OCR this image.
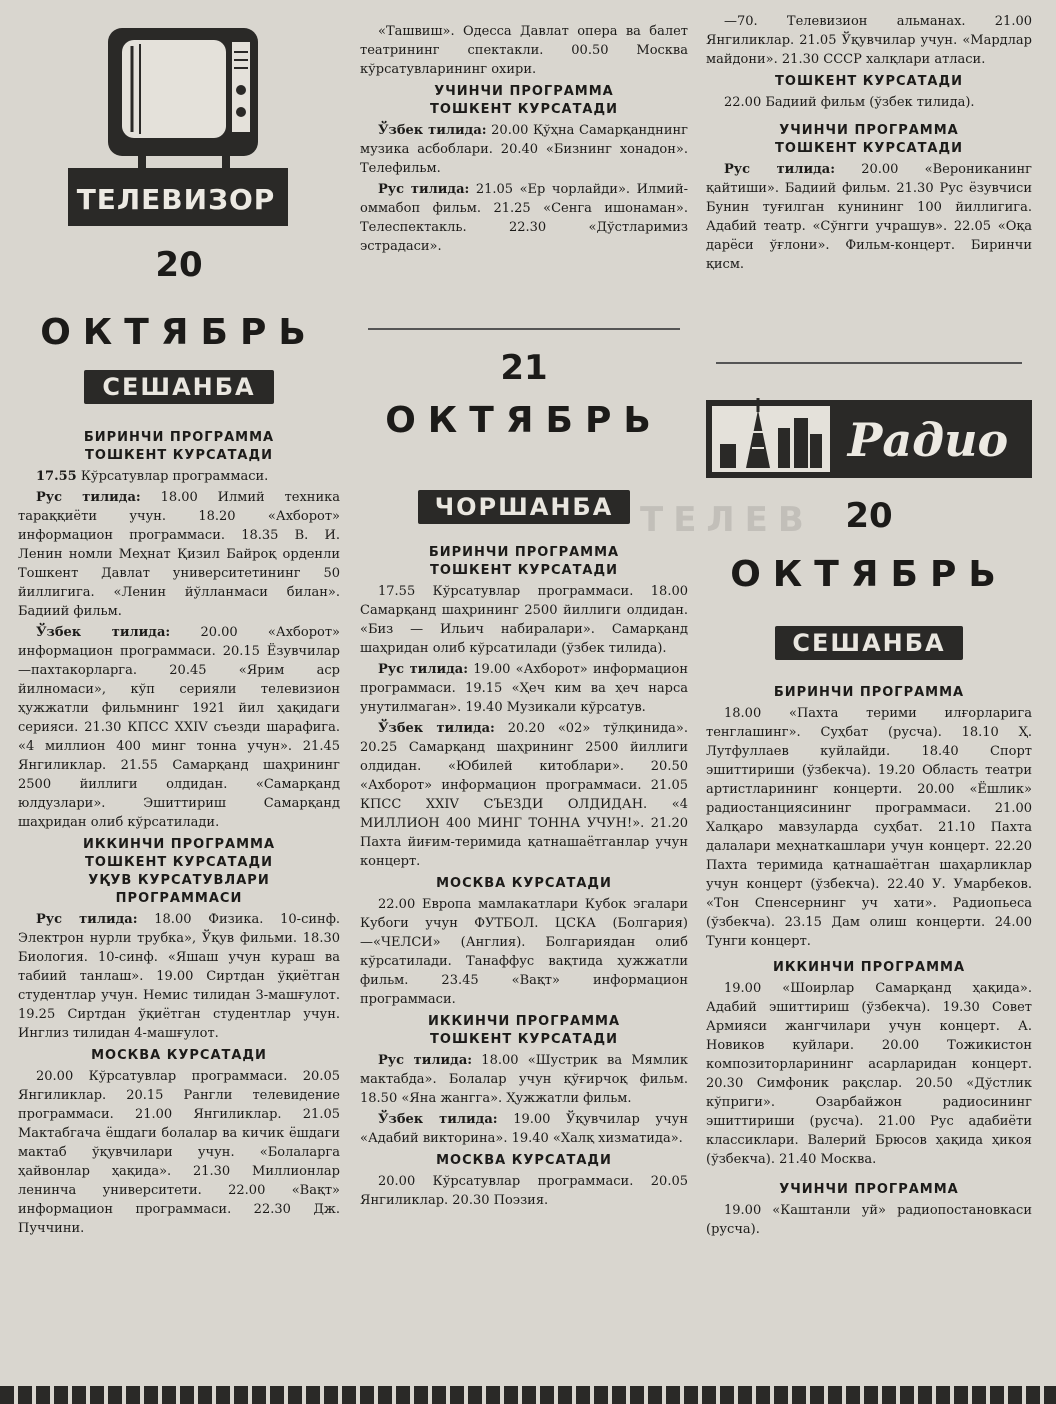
ТЕЛЕВ
ТЕЛЕВИЗОР
20
ОКТЯБРЬ
СЕШАНБА
БИРИНЧИ ПРОГРАММА
ТОШКЕНТ КУРСАТАДИ

17.55 Кўрсатувлар программаси.

Рус тилида: 18.00 Илмий техника тараққиёти учун. 18.20 «Ахборот» информацион программаси. 18.35 В. И. Ленин номли Меҳнат Қизил Байроқ орденли Тошкент Давлат университетининг 50 йиллигига. «Ленин йўлланмаси билан». Бадиий фильм.

Ўзбек тилида: 20.00 «Ахборот» информацион программаси. 20.15 Ёзувчилар —пахтакорларга. 20.45 «Ярим аср йилномаси», кўп серияли телевизион ҳужжатли фильмнинг 1921 йил ҳақидаги серияси. 21.30 КПСС XXIV съезди шарафига. «4 миллион 400 минг тонна учун». 21.45 Янгиликлар. 21.55 Самарқанд шаҳрининг 2500 йиллиги олдидан. «Самарқанд юлдузлари». Эшиттириш Самарқанд шаҳридан олиб кўрсатилади.

ИККИНЧИ ПРОГРАММА
ТОШКЕНТ КУРСАТАДИ
УҚУВ КУРСАТУВЛАРИ
ПРОГРАММАСИ

Рус тилида: 18.00 Физика. 10-синф. Электрон нурли трубка», Ўқув фильми. 18.30 Биология. 10-синф. «Яшаш учун кураш ва табиий танлаш». 19.00 Сиртдан ўқиётган студентлар учун. Немис тилидан 3-машғулот. 19.25 Сиртдан ўқиётган студентлар учун. Инглиз тилидан 4-машғулот.

МОСКВА КУРСАТАДИ

20.00 Кўрсатувлар программаси. 20.05 Янгиликлар. 20.15 Рангли телевидение программаси. 21.00 Янгиликлар. 21.05 Мактабгача ёшдаги болалар ва кичик ёшдаги мактаб ўқувчилари учун. «Болаларга ҳайвонлар ҳақида». 21.30 Миллионлар ленинча университети. 22.00 «Вақт» информацион программаси. 22.30 Дж. Пуччини.

«Ташвиш». Одесса Давлат опера ва балет театрининг спектакли. 00.50 Москва кўрсатувларининг охири.

УЧИНЧИ ПРОГРАММА
ТОШКЕНТ КУРСАТАДИ

Ўзбек тилида: 20.00 Қўҳна Самарқанднинг музика асбоблари. 20.40 «Бизнинг хонадон». Телефильм.

Рус тилида: 21.05 «Ер чорлайди». Илмий-оммабоп фильм. 21.25 «Сенга ишонаман». Телеспектакль. 22.30 «Дўстларимиз эстрадаси».

21
ОКТЯБРЬ
ЧОРШАНБА
БИРИНЧИ ПРОГРАММА
ТОШКЕНТ КУРСАТАДИ

17.55 Кўрсатувлар программаси. 18.00 Самарқанд шаҳрининг 2500 йиллиги олдидан. «Биз — Ильич набиралари». Самарқанд шаҳридан олиб кўрсатилади (ўзбек тилида).

Рус тилида: 19.00 «Ахборот» информацион программаси. 19.15 «Ҳеч ким ва ҳеч нарса унутилмаган». 19.40 Музикали кўрсатув.

Ўзбек тилида: 20.20 «02» тўлқинида». 20.25 Самарқанд шаҳрининг 2500 йиллиги олдидан. «Юбилей китоблари». 20.50 «Ахборот» информацион программаси. 21.05 КПСС XXIV СЪЕЗДИ ОЛДИДАН. «4 МИЛЛИОН 400 МИНГ ТОННА УЧУН!». 21.20 Пахта йиғим-теримида қатнашаётганлар учун концерт.

МОСКВА КУРСАТАДИ

22.00 Европа мамлакатлари Кубок эгалари Кубоги учун ФУТБОЛ. ЦСКА (Болгария)—«ЧЕЛСИ» (Англия). Болгариядан олиб кўрсатилади. Танаффус вақтида ҳужжатли фильм. 23.45 «Вақт» информацион программаси.

ИККИНЧИ ПРОГРАММА
ТОШКЕНТ КУРСАТАДИ

Рус тилида: 18.00 «Шустрик ва Мямлик мактабда». Болалар учун қўғирчоқ фильм. 18.50 «Яна жангга». Ҳужжатли фильм.

Ўзбек тилида: 19.00 Ўқувчилар учун «Адабий викторина». 19.40 «Халқ хизматида».

МОСКВА КУРСАТАДИ

20.00 Кўрсатувлар программаси. 20.05 Янгиликлар. 20.30 Поэзия.

—70. Телевизион альманах. 21.00 Янгиликлар. 21.05 Ўқувчилар учун. «Мардлар майдони». 21.30 СССР халқлари атласи.

ТОШКЕНТ КУРСАТАДИ

22.00 Бадиий фильм (ўзбек тилида).

УЧИНЧИ ПРОГРАММА
ТОШКЕНТ КУРСАТАДИ

Рус тилида: 20.00 «Вероникaнинг қайтиши». Бадиий фильм. 21.30 Рус ёзувчиси Бунин туғилган кунининг 100 йиллигига. Адабий театр. «Сўнгги учрашув». 22.05 «Оқа дарёси ўғлони». Фильм-концерт. Биринчи қисм.

Радио
20
ОКТЯБРЬ
СЕШАНБА
БИРИНЧИ ПРОГРАММА

18.00 «Пахта терими илғорларига тенглашинг». Суҳбат (русча). 18.10 Ҳ. Лутфуллаев куйлайди. 18.40 Спорт эшиттириши (ўзбекча). 19.20 Область театри артистларининг концерти. 20.00 «Ёшлик» радиостанциясининг программаси. 21.00 Халқаро мавзуларда суҳбат. 21.10 Пахта далалари меҳнаткашлари учун концерт. 22.20 Пахта теримида қатнашаётган шаҳарликлар учун концерт (ўзбекча). 22.40 У. Умарбеков. «Тон Спенсернинг уч хати». Радиопьеса (ўзбекча). 23.15 Дам олиш концерти. 24.00 Тунги концерт.

ИККИНЧИ ПРОГРАММА

19.00 «Шоирлар Самарқанд ҳақида». Адабий эшиттириш (ўзбекча). 19.30 Совет Армияси жангчилари учун концерт. А. Новиков куйлари. 20.00 Тожикистон композиторларининг асарларидан концерт. 20.30 Симфоник рақслар. 20.50 «Дўстлик кўприги». Озарбайжон радиосининг эшиттириши (русча). 21.00 Рус адабиёти классиклари. Валерий Брюсов ҳақида ҳикоя (ўзбекча). 21.40 Москва.

УЧИНЧИ ПРОГРАММА

19.00 «Каштанли уй» радиопостановкаси (русча).
